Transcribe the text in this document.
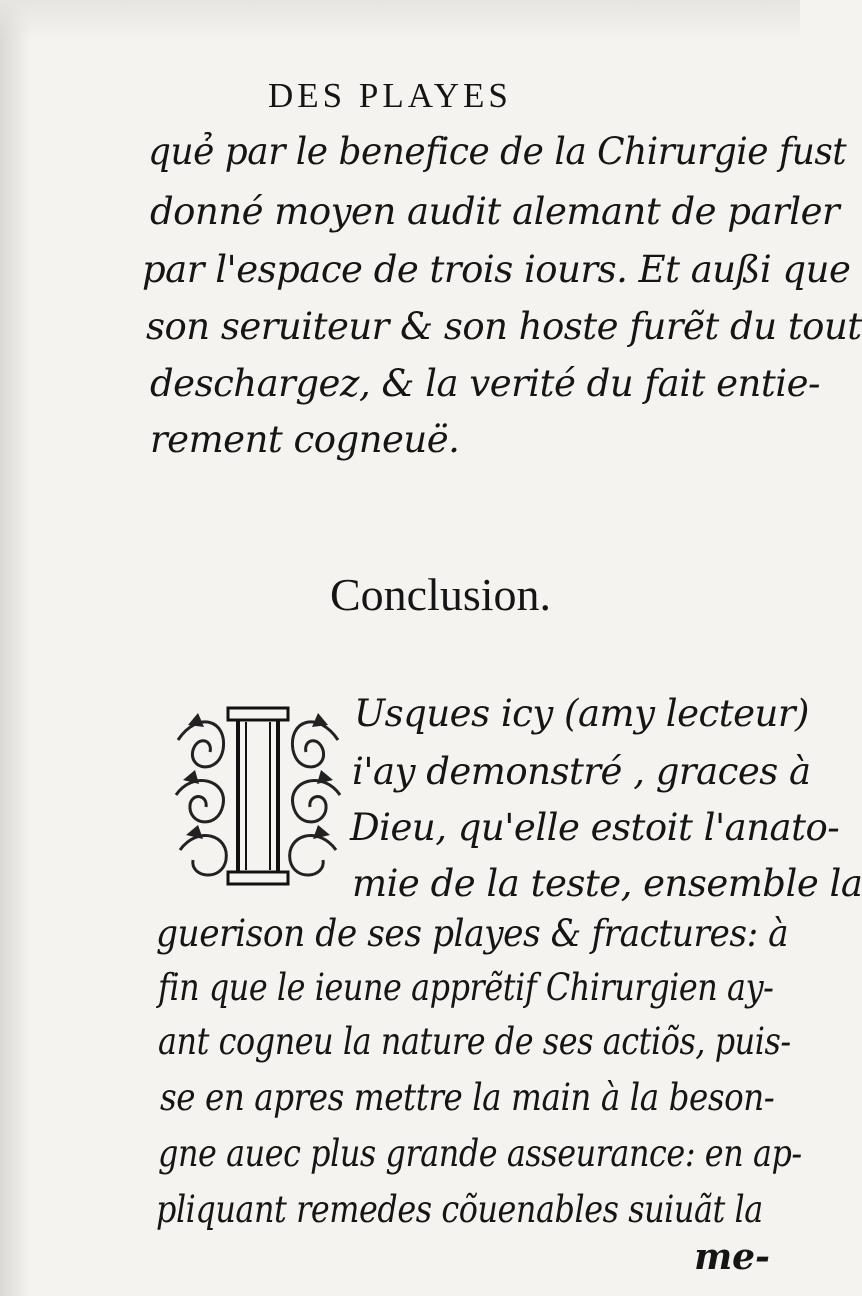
DES PLAYES
quẻ par le benefice de la Chirurgie fust
donné moyen audit alemant de parler
par l'espace de trois iours. Et außi que
son seruiteur & son hoste furẽt du tout
deschargez, & la verité du fait entie-
rement cogneuë.
Conclusion.
Usques icy (amy lecteur)
i'ay demonstré , graces à
Dieu, qu'elle estoit l'anato-
mie de la teste, ensemble la
guerison de ses playes & fractures: à
fin que le ieune apprẽtif Chirurgien ay-
ant cogneu la nature de ses actiõs, puis-
se en apres mettre la main à la beson-
gne auec plus grande asseurance: en ap-
pliquant remedes cõuenables suiuãt la
me-
